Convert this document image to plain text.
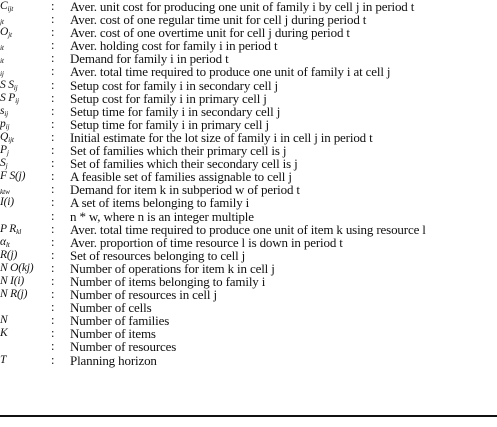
$C_{ijt}$	: Aver. unit cost for producing one unit of family i by cell j in period t
$_{jt}$	: Aver. cost of one regular time unit for cell j during period t
$O_{jt}$	: Aver. cost of one overtime unit for cell j during period t
$_{it}$	: Aver. holding cost for family i in period t
$_{it}$	: Demand for family i in period t
$_{ij}$	: Aver. total time required to produce one unit of family i at cell j
S $S_{ij}$	: Setup cost for family i in secondary cell j
S $P_{ij}$	: Setup cost for family i in primary cell j
$s_{ij}$	: Setup time for family i in secondary cell j
$p_{ij}$	: Setup time for family i in primary cell j
$Q_{ijt}$	: Initial estimate for the lot size of family i in cell j in period t
$P_j$	: Set of families which their primary cell is j
$S_j$	: Set of families which their secondary cell is j
F S(j) : A feasible set of families assignable to cell j
$_{ktw}$	: Demand for item k in subperiod w of period t
I(i)	: A set of items belonging to family i
: n * w, where n is an integer multiple
P $R_{kl}$ : Aver. total time required to produce one unit of item k using resource l
$\alpha_{lt}$	: Aver. proportion of time resource l is down in period t
R(j)	: Set of resources belonging to cell j
N O(kj) : Number of operations for item k in cell j
N I(i) : Number of items belonging to family i
N R(j) : Number of resources in cell j
: Number of cells
N	: Number of families
K	: Number of items
: Number of resources
T	: Planning horizon
